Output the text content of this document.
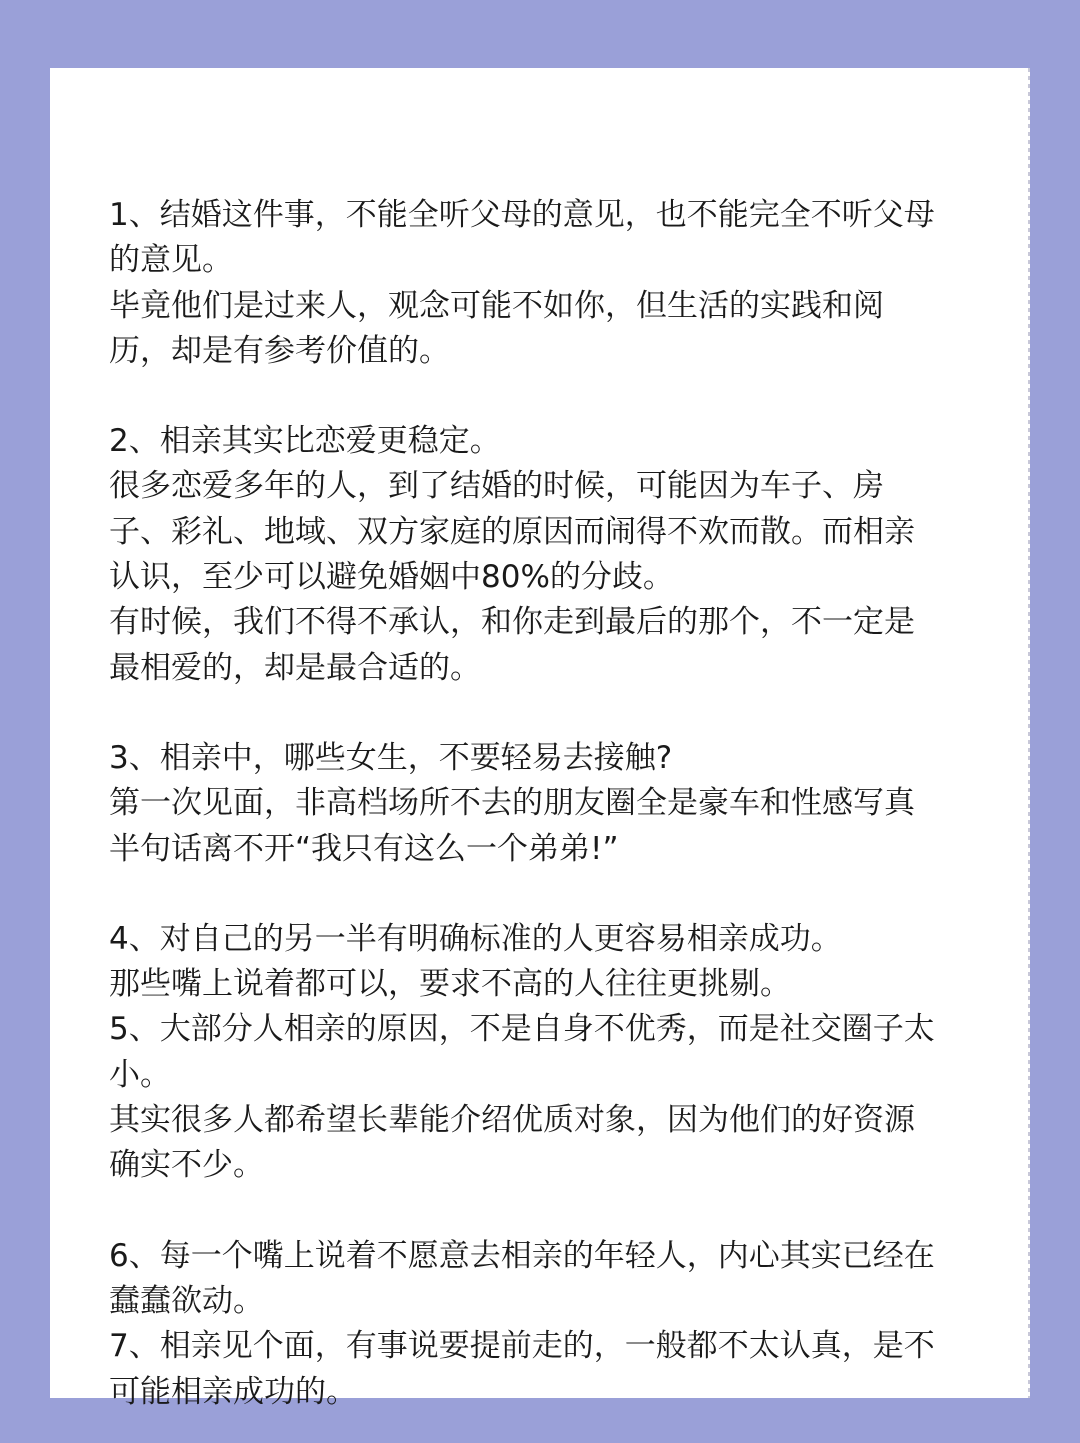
1、结婚这件事，不能全听父母的意见，也不能完全不听父母
的意见。
毕竟他们是过来人，观念可能不如你，但生活的实践和阅
历，却是有参考价值的。
2、相亲其实比恋爱更稳定。
很多恋爱多年的人，到了结婚的时候，可能因为车子、房
子、彩礼、地域、双方家庭的原因而闹得不欢而散。而相亲
认识，至少可以避免婚姻中80%的分歧。
有时候，我们不得不承认，和你走到最后的那个，不一定是
最相爱的，却是最合适的。
3、相亲中，哪些女生，不要轻易去接触?
第一次见面，非高档场所不去的朋友圈全是豪车和性感写真
半句话离不开“我只有这么一个弟弟!”
4、对自己的另一半有明确标准的人更容易相亲成功。
那些嘴上说着都可以，要求不高的人往往更挑剔。
5、大部分人相亲的原因，不是自身不优秀，而是社交圈子太
小。
其实很多人都希望长辈能介绍优质对象，因为他们的好资源
确实不少。
6、每一个嘴上说着不愿意去相亲的年轻人，内心其实已经在
蠢蠢欲动。
7、相亲见个面，有事说要提前走的，一般都不太认真，是不
可能相亲成功的。
